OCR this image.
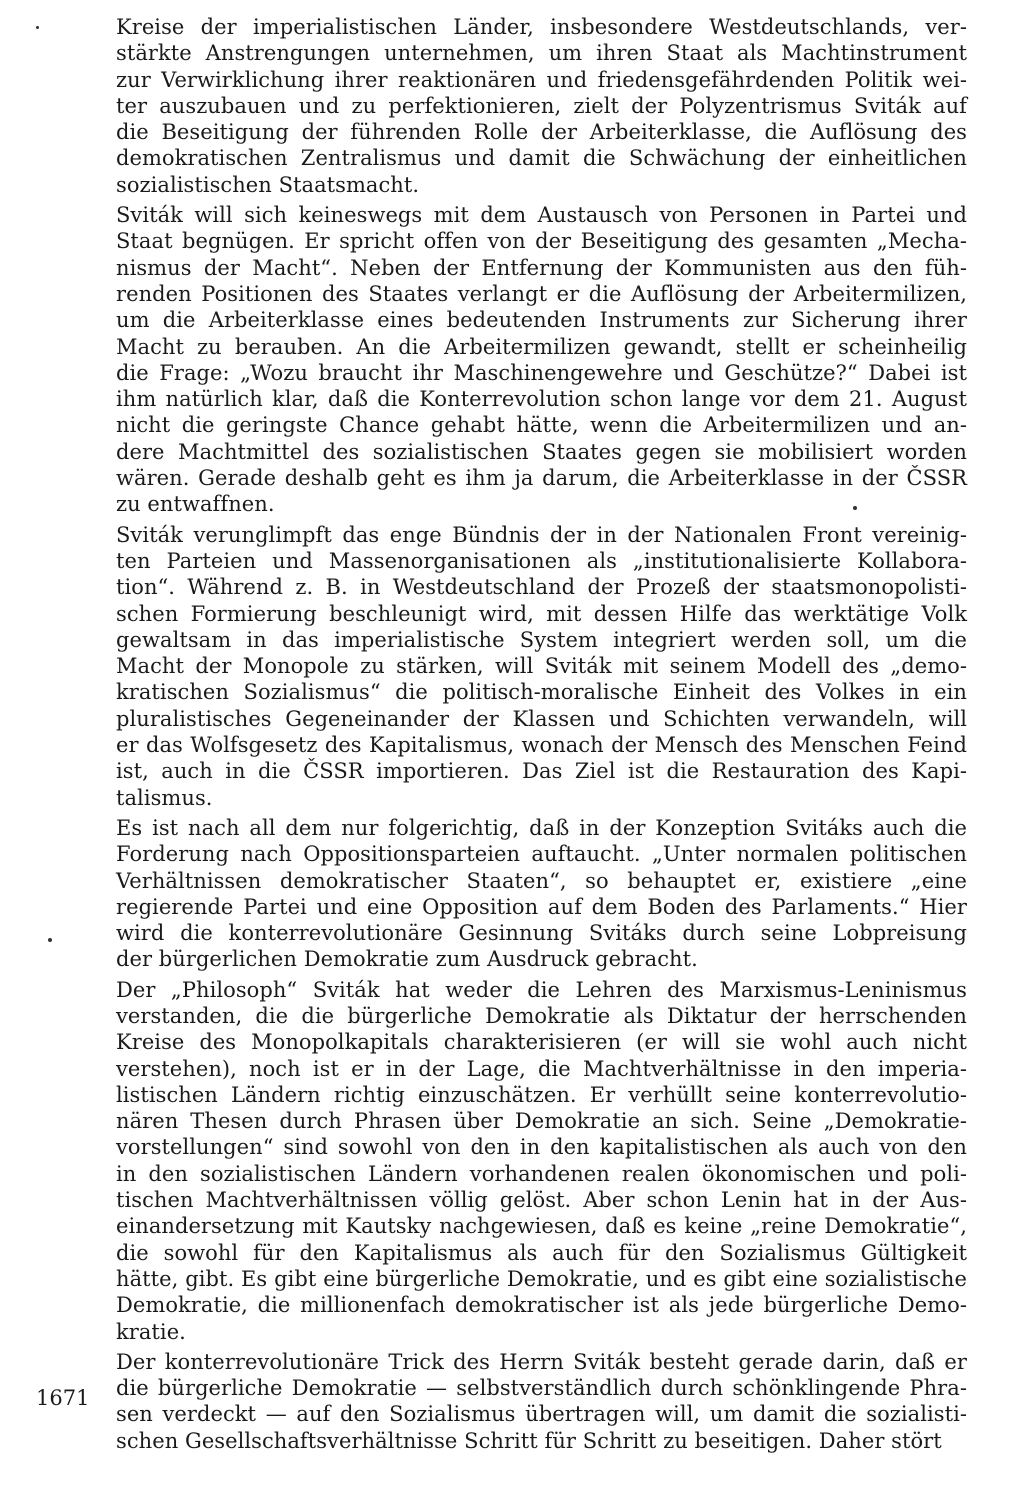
Kreise der imperialistischen Länder, insbesondere Westdeutschlands, ver-
stärkte Anstrengungen unternehmen, um ihren Staat als Machtinstrument
zur Verwirklichung ihrer reaktionären und friedensgefährdenden Politik wei-
ter auszubauen und zu perfektionieren, zielt der Polyzentrismus Sviták auf
die Beseitigung der führenden Rolle der Arbeiterklasse, die Auflösung des
demokratischen Zentralismus und damit die Schwächung der einheitlichen
sozialistischen Staatsmacht.
Sviták will sich keineswegs mit dem Austausch von Personen in Partei und
Staat begnügen. Er spricht offen von der Beseitigung des gesamten „Mecha-
nismus der Macht“. Neben der Entfernung der Kommunisten aus den füh-
renden Positionen des Staates verlangt er die Auflösung der Arbeitermilizen,
um die Arbeiterklasse eines bedeutenden Instruments zur Sicherung ihrer
Macht zu berauben. An die Arbeitermilizen gewandt, stellt er scheinheilig
die Frage: „Wozu braucht ihr Maschinengewehre und Geschütze?“ Dabei ist
ihm natürlich klar, daß die Konterrevolution schon lange vor dem 21. August
nicht die geringste Chance gehabt hätte, wenn die Arbeitermilizen und an-
dere Machtmittel des sozialistischen Staates gegen sie mobilisiert worden
wären. Gerade deshalb geht es ihm ja darum, die Arbeiterklasse in der ČSSR
zu entwaffnen.
Sviták verunglimpft das enge Bündnis der in der Nationalen Front vereinig-
ten Parteien und Massenorganisationen als „institutionalisierte Kollabora-
tion“. Während z. B. in Westdeutschland der Prozeß der staatsmonopolisti-
schen Formierung beschleunigt wird, mit dessen Hilfe das werktätige Volk
gewaltsam in das imperialistische System integriert werden soll, um die
Macht der Monopole zu stärken, will Sviták mit seinem Modell des „demo-
kratischen Sozialismus“ die politisch-moralische Einheit des Volkes in ein
pluralistisches Gegeneinander der Klassen und Schichten verwandeln, will
er das Wolfsgesetz des Kapitalismus, wonach der Mensch des Menschen Feind
ist, auch in die ČSSR importieren. Das Ziel ist die Restauration des Kapi-
talismus.
Es ist nach all dem nur folgerichtig, daß in der Konzeption Svitáks auch die
Forderung nach Oppositionsparteien auftaucht. „Unter normalen politischen
Verhältnissen demokratischer Staaten“, so behauptet er, existiere „eine
regierende Partei und eine Opposition auf dem Boden des Parlaments.“ Hier
wird die konterrevolutionäre Gesinnung Svitáks durch seine Lobpreisung
der bürgerlichen Demokratie zum Ausdruck gebracht.
Der „Philosoph“ Sviták hat weder die Lehren des Marxismus-Leninismus
verstanden, die die bürgerliche Demokratie als Diktatur der herrschenden
Kreise des Monopolkapitals charakterisieren (er will sie wohl auch nicht
verstehen), noch ist er in der Lage, die Machtverhältnisse in den imperia-
listischen Ländern richtig einzuschätzen. Er verhüllt seine konterrevolutio-
nären Thesen durch Phrasen über Demokratie an sich. Seine „Demokratie-
vorstellungen“ sind sowohl von den in den kapitalistischen als auch von den
in den sozialistischen Ländern vorhandenen realen ökonomischen und poli-
tischen Machtverhältnissen völlig gelöst. Aber schon Lenin hat in der Aus-
einandersetzung mit Kautsky nachgewiesen, daß es keine „reine Demokratie“,
die sowohl für den Kapitalismus als auch für den Sozialismus Gültigkeit
hätte, gibt. Es gibt eine bürgerliche Demokratie, und es gibt eine sozialistische
Demokratie, die millionenfach demokratischer ist als jede bürgerliche Demo-
kratie.
Der konterrevolutionäre Trick des Herrn Sviták besteht gerade darin, daß er
die bürgerliche Demokratie — selbstverständlich durch schönklingende Phra-
sen verdeckt — auf den Sozialismus übertragen will, um damit die sozialisti-
schen Gesellschaftsverhältnisse Schritt für Schritt zu beseitigen. Daher stört
1671
